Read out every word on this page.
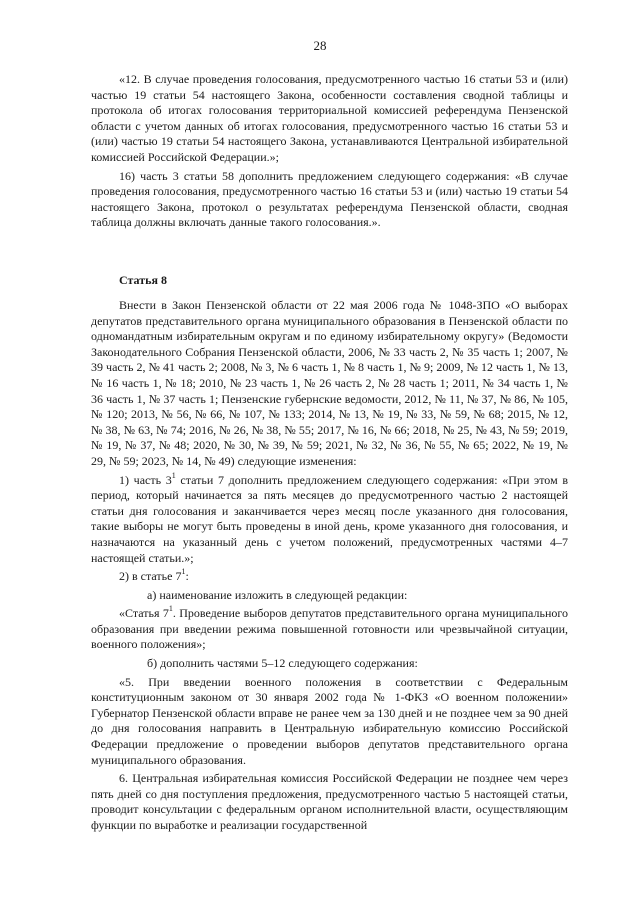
28

«12. В случае проведения голосования, предусмотренного частью 16 статьи 53 и (или) частью 19 статьи 54 настоящего Закона, особенности составления сводной таблицы и протокола об итогах голосования территориальной комиссией референдума Пензенской области с учетом данных об итогах голосования, предусмотренного частью 16 статьи 53 и (или) частью 19 статьи 54 настоящего Закона, устанавливаются Центральной избирательной комиссией Российской Федерации.»;

16) часть 3 статьи 58 дополнить предложением следующего содержания: «В случае проведения голосования, предусмотренного частью 16 статьи 53 и (или) частью 19 статьи 54 настоящего Закона, протокол о результатах референдума Пензенской области, сводная таблица должны включать данные такого голосования.».

Статья 8

Внести в Закон Пензенской области от 22 мая 2006 года № 1048-ЗПО «О выборах депутатов представительного органа муниципального образования в Пензенской области по одномандатным избирательным округам и по единому избирательному округу» (Ведомости Законодательного Собрания Пензенской области, 2006, № 33 часть 2, № 35 часть 1; 2007, № 39 часть 2, № 41 часть 2; 2008, № 3, № 6 часть 1, № 8 часть 1, № 9; 2009, № 12 часть 1, № 13, № 16 часть 1, № 18; 2010, № 23 часть 1, № 26 часть 2, № 28 часть 1; 2011, № 34 часть 1, № 36 часть 1, № 37 часть 1; Пензенские губернские ведомости, 2012, № 11, № 37, № 86, № 105, № 120; 2013, № 56, № 66, № 107, № 133; 2014, № 13, № 19, № 33, № 59, № 68; 2015, № 12, № 38, № 63, № 74; 2016, № 26, № 38, № 55; 2017, № 16, № 66; 2018, № 25, № 43, № 59; 2019, № 19, № 37, № 48; 2020, № 30, № 39, № 59; 2021, № 32, № 36, № 55, № 65; 2022, № 19, № 29, № 59; 2023, № 14, № 49) следующие изменения:

1) часть $3^1$ статьи 7 дополнить предложением следующего содержания: «При этом в период, который начинается за пять месяцев до предусмотренного частью 2 настоящей статьи дня голосования и заканчивается через месяц после указанного дня голосования, такие выборы не могут быть проведены в иной день, кроме указанного дня голосования, и назначаются на указанный день с учетом положений, предусмотренных частями 4–7 настоящей статьи.»;

2) в статье $7^1$:

а) наименование изложить в следующей редакции:

«Статья $7^1$. Проведение выборов депутатов представительного органа муниципального образования при введении режима повышенной готовности или чрезвычайной ситуации, военного положения»;

б) дополнить частями 5–12 следующего содержания:

«5. При введении военного положения в соответствии с Федеральным конституционным законом от 30 января 2002 года № 1-ФКЗ «О военном положении» Губернатор Пензенской области вправе не ранее чем за 130 дней и не позднее чем за 90 дней до дня голосования направить в Центральную избирательную комиссию Российской Федерации предложение о проведении выборов депутатов представительного органа муниципального образования.

6. Центральная избирательная комиссия Российской Федерации не позднее чем через пять дней со дня поступления предложения, предусмотренного частью 5 настоящей статьи, проводит консультации с федеральным органом исполнительной власти, осуществляющим функции по выработке и реализации государственной
